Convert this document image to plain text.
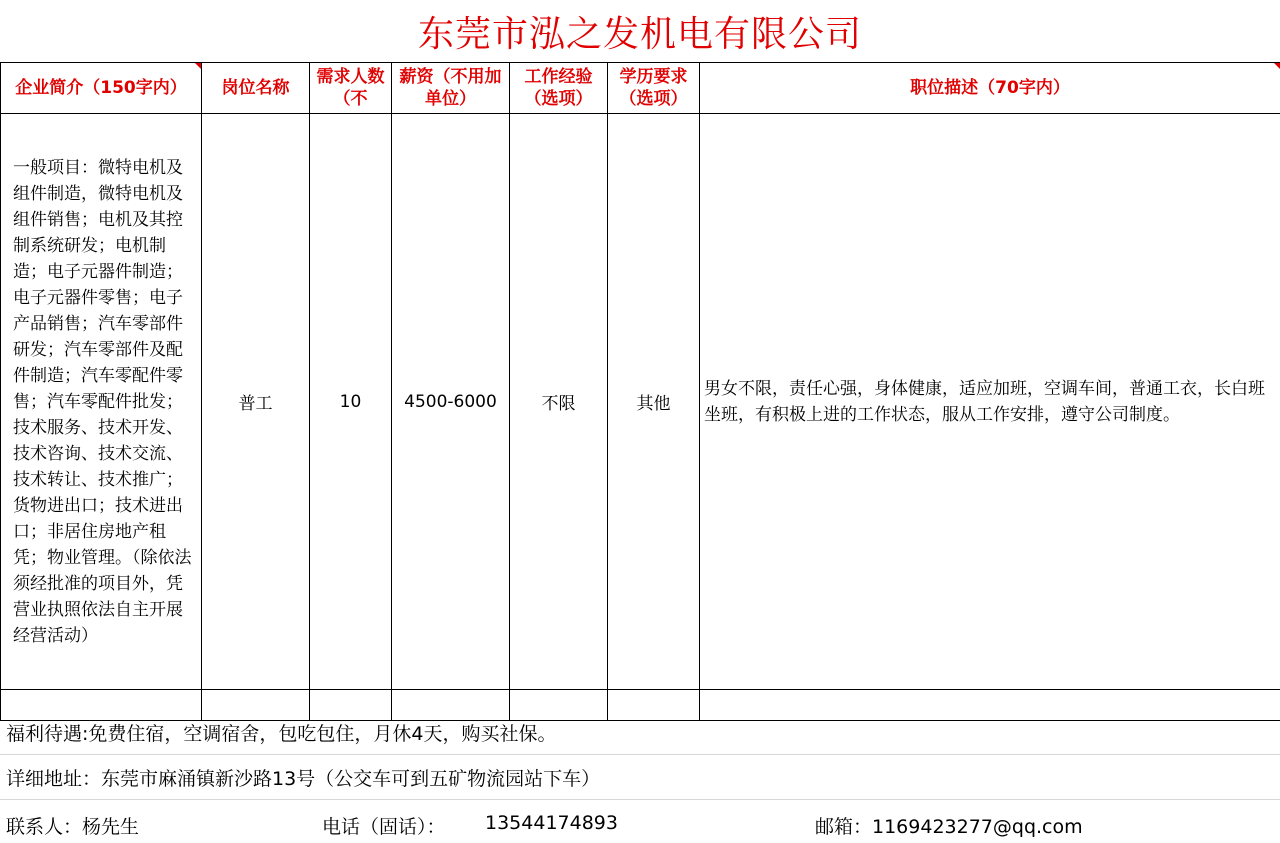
东莞市泓之发机电有限公司
企业简介（150字内）	岗位名称	需求人数（不	薪资（不用加单位）	工作经验（选项）	学历要求（选项）	职位描述（70字内）

一般项目：微特电机及组件制造，微特电机及组件销售；电机及其控制系统研发；电机制造；电子元器件制造；电子元器件零售；电子产品销售；汽车零部件研发；汽车零部件及配件制造；汽车零配件零售；汽车零配件批发；技术服务、技术开发、技术咨询、技术交流、技术转让、技术推广；货物进出口；技术进出口；非居住房地产租凭；物业管理。（除依法须经批准的项目外，凭营业执照依法自主开展经营活动）	普工	10	4500-6000	不限	其他	男女不限，责任心强，身体健康，适应加班，空调车间，普通工衣，长白班坐班，有积极上进的工作状态，服从工作安排，遵守公司制度。

福利待遇:免费住宿，空调宿舍，包吃包住，月休4天，购买社保。
详细地址：东莞市麻涌镇新沙路13号（公交车可到五矿物流园站下车）
联系人：杨先生	电话（固话）： 13544174893	邮箱：1169423277@qq.com
